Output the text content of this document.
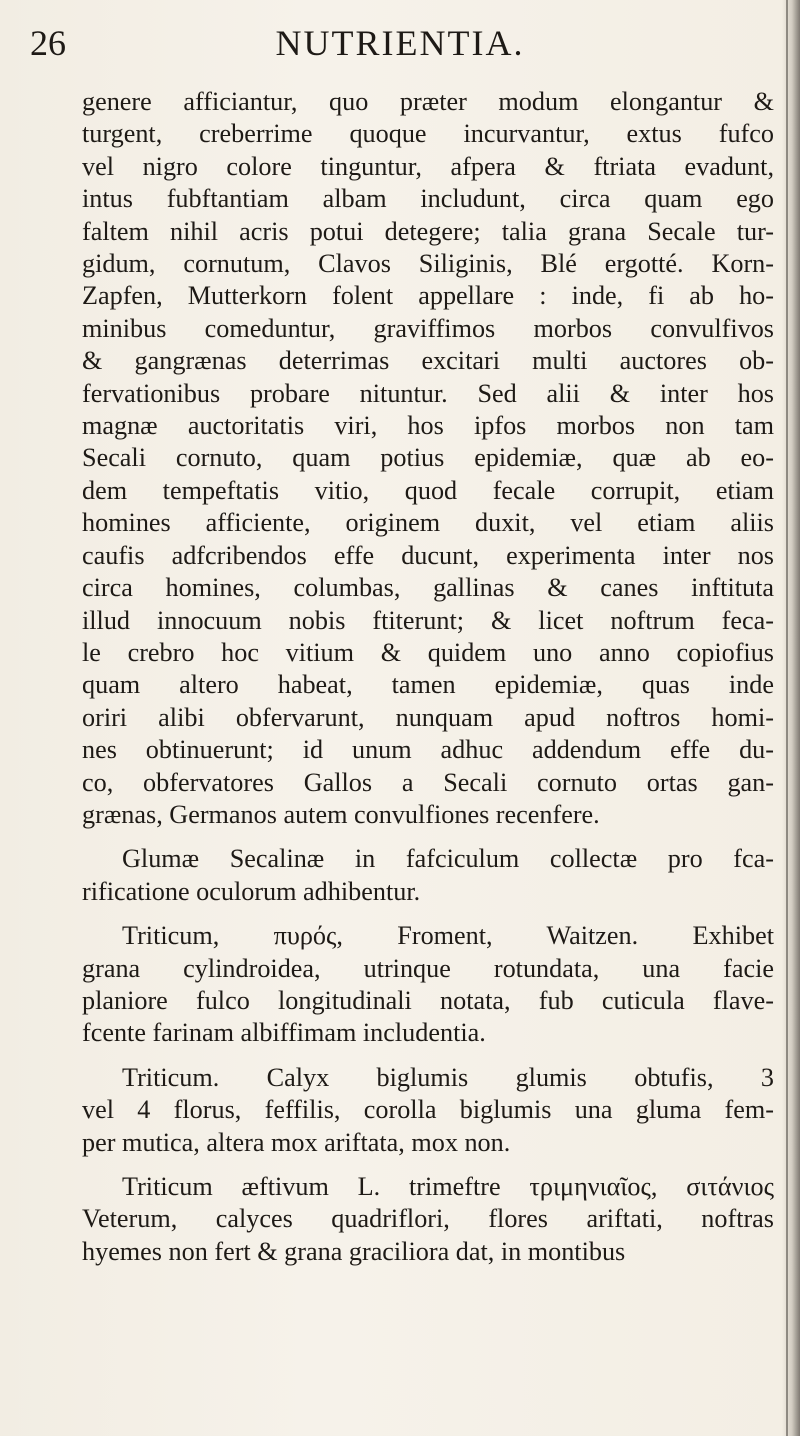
26	NUTRIENTIA.
genere afficiantur, quo præter modum elongantur &
turgent, creberrime quoque incurvantur, extus fufco
vel nigro colore tinguntur, afpera & ftriata evadunt,
intus fubftantiam albam includunt, circa quam ego
faltem nihil acris potui detegere; talia grana Secale tur-
gidum, cornutum, Clavos Siliginis, Blé ergotté. Korn-
Zapfen, Mutterkorn folent appellare : inde, fi ab ho-
minibus comeduntur, graviffimos morbos convulfivos
& gangrænas deterrimas excitari multi auctores ob-
fervationibus probare nituntur. Sed alii & inter hos
magnæ auctoritatis viri, hos ipfos morbos non tam
Secali cornuto, quam potius epidemiæ, quæ ab eo-
dem tempeftatis vitio, quod fecale corrupit, etiam
homines afficiente, originem duxit, vel etiam aliis
caufis adfcribendos effe ducunt, experimenta inter nos
circa homines, columbas, gallinas & canes inftituta
illud innocuum nobis ftiterunt; & licet noftrum feca-
le crebro hoc vitium & quidem uno anno copiofius
quam altero habeat, tamen epidemiæ, quas inde
oriri alibi obfervarunt, nunquam apud noftros homi-
nes obtinuerunt; id unum adhuc addendum effe du-
co, obfervatores Gallos a Secali cornuto ortas gan-
grænas, Germanos autem convulfiones recenfere.
Glumæ Secalinæ in fafciculum collectæ pro fca-
rificatione oculorum adhibentur.
Triticum, πυρός, Froment, Waitzen. Exhibet
grana cylindroidea, utrinque rotundata, una facie
planiore fulco longitudinali notata, fub cuticula flave-
fcente farinam albiffimam includentia.
Triticum. Calyx biglumis glumis obtufis, 3
vel 4 florus, feffilis, corolla biglumis una gluma fem-
per mutica, altera mox ariftata, mox non.
Triticum æftivum L. trimeftre τριμηνιαῖος, σιτάνιος
Veterum, calyces quadriflori, flores ariftati, noftras
hyemes non fert & grana graciliora dat, in montibus
